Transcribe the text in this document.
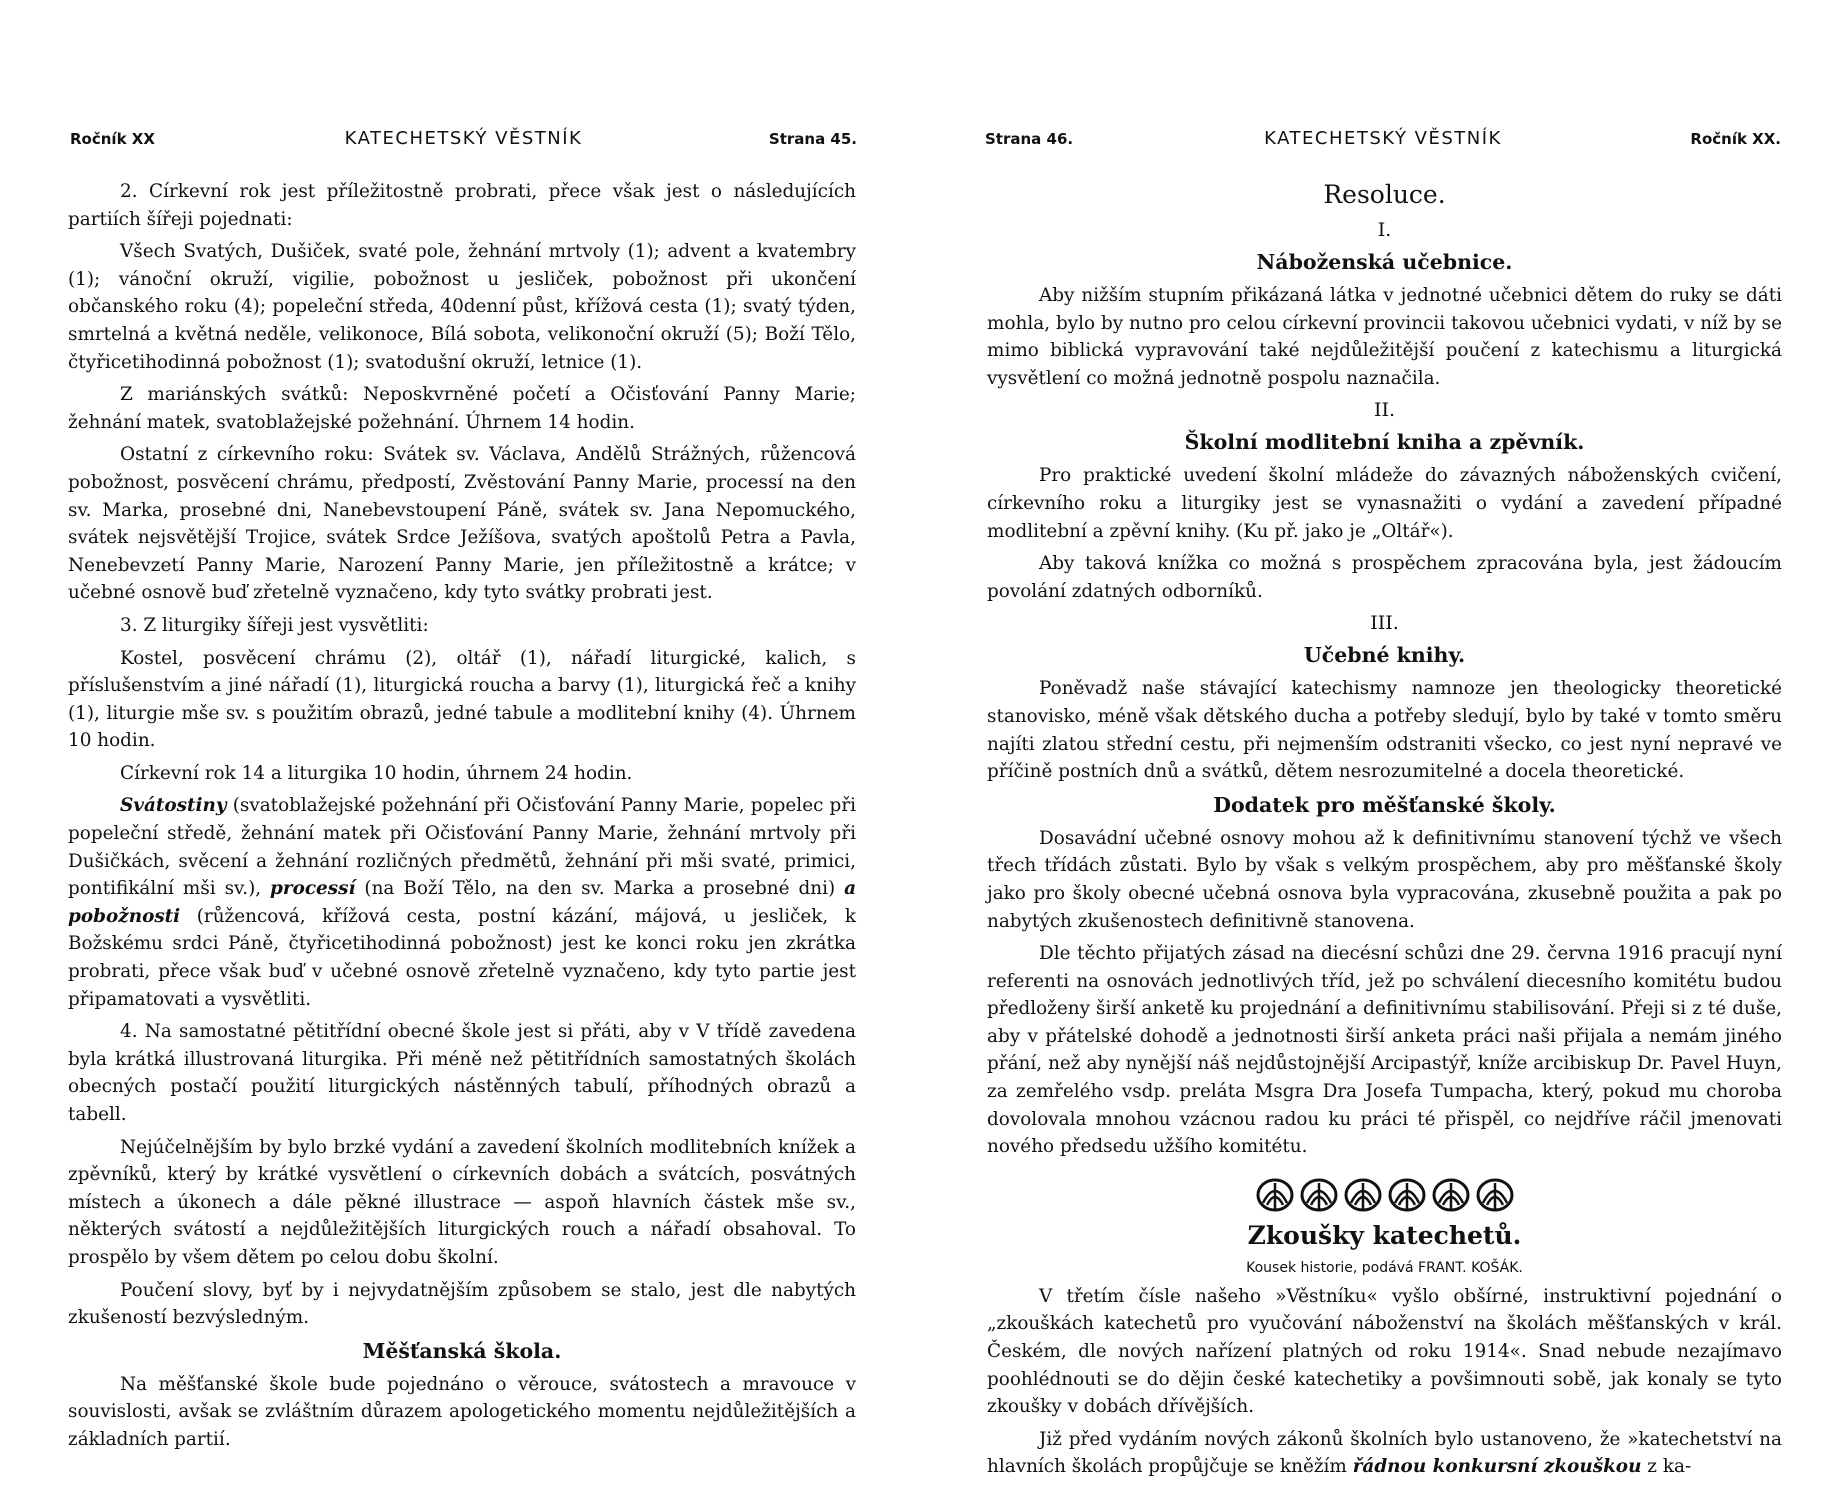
Ročník XX	KATECHETSKÝ VĚSTNÍK	Strana 45.

2. Církevní rok jest příležitostně probrati, přece však jest o následujících partiích šířeji pojednati:

Všech Svatých, Dušiček, svaté pole, žehnání mrtvoly (1); advent a kvatembry (1); vánoční okruží, vigilie, pobožnost u jesliček, pobožnost při ukončení občanského roku (4); popeleční středa, 40denní půst, křížová cesta (1); svatý týden, smrtelná a květná neděle, velikonoce, Bílá sobota, velikonoční okruží (5); Boží Tělo, čtyřicetihodinná pobožnost (1); svatodušní okruží, letnice (1).

Z mariánských svátků: Neposkvrněné početí a Očisťování Panny Marie; žehnání matek, svatoblažejské požehnání. Úhrnem 14 hodin.

Ostatní z církevního roku: Svátek sv. Václava, Andělů Strážných, růžencová pobožnost, posvěcení chrámu, předpostí, Zvěstování Panny Marie, processí na den sv. Marka, prosebné dni, Nanebevstoupení Páně, svátek sv. Jana Nepomuckého, svátek nejsvětější Trojice, svátek Srdce Ježíšova, svatých apoštolů Petra a Pavla, Nenebevzetí Panny Marie, Narození Panny Marie, jen příležitostně a krátce; v učebné osnově buď zřetelně vyznačeno, kdy tyto svátky probrati jest.

3. Z liturgiky šířeji jest vysvětliti:

Kostel, posvěcení chrámu (2), oltář (1), nářadí liturgické, kalich, s příslušenstvím a jiné nářadí (1), liturgická roucha a barvy (1), liturgická řeč a knihy (1), liturgie mše sv. s použitím obrazů, jedné tabule a modlitební knihy (4). Úhrnem 10 hodin.

Církevní rok 14 a liturgika 10 hodin, úhrnem 24 hodin.

Svátostiny (svatoblažejské požehnání při Očisťování Panny Marie, popelec při popeleční středě, žehnání matek při Očisťování Panny Marie, žehnání mrtvoly při Dušičkách, svěcení a žehnání rozličných předmětů, žehnání při mši svaté, primici, pontifikální mši sv.), processí (na Boží Tělo, na den sv. Marka a prosebné dni) a pobožnosti (růžencová, křížová cesta, postní kázání, májová, u jesliček, k Božskému srdci Páně, čtyřicetihodinná pobožnost) jest ke konci roku jen zkrátka probrati, přece však buď v učebné osnově zřetelně vyznačeno, kdy tyto partie jest připamatovati a vysvětliti.

4. Na samostatné pětitřídní obecné škole jest si přáti, aby v V třídě zavedena byla krátká illustrovaná liturgika. Při méně než pětitřídních samostatných školách obecných postačí použití liturgických nástěnných tabulí, příhodných obrazů a tabell.

Nejúčelnějším by bylo brzké vydání a zavedení školních modlitebních knížek a zpěvníků, který by krátké vysvětlení o církevních dobách a svátcích, posvátných místech a úkonech a dále pěkné illustrace — aspoň hlavních částek mše sv., některých svátostí a nejdůležitějších liturgických rouch a nářadí obsahoval. To prospělo by všem dětem po celou dobu školní.

Poučení slovy, byť by i nejvydatnějším způsobem se stalo, jest dle nabytých zkušeností bezvýsledným.

Měšťanská škola.

Na měšťanské škole bude pojednáno o věrouce, svátostech a mravouce v souvislosti, avšak se zvláštním důrazem apologetického momentu nejdůležitějších a základních partií.

Strana 46.	KATECHETSKÝ VĚSTNÍK	Ročník XX.

Resoluce.

I.

Náboženská učebnice.

Aby nižším stupním přikázaná látka v jednotné učebnici dětem do ruky se dáti mohla, bylo by nutno pro celou církevní provincii takovou učebnici vydati, v níž by se mimo biblická vypravování také nejdůležitější poučení z katechismu a liturgická vysvětlení co možná jednotně pospolu naznačila.

II.

Školní modlitební kniha a zpěvník.

Pro praktické uvedení školní mládeže do závazných náboženských cvičení, církevního roku a liturgiky jest se vynasnažiti o vydání a zavedení případné modlitební a zpěvní knihy. (Ku př. jako je „Oltář«).

Aby taková knížka co možná s prospěchem zpracována byla, jest žádoucím povolání zdatných odborníků.

III.

Učebné knihy.

Poněvadž naše stávající katechismy namnoze jen theologicky theoretické stanovisko, méně však dětského ducha a potřeby sledují, bylo by také v tomto směru najíti zlatou střední cestu, při nejmenším odstraniti všecko, co jest nyní nepravé ve příčině postních dnů a svátků, dětem nesrozumitelné a docela theoretické.

Dodatek pro měšťanské školy.

Dosavádní učebné osnovy mohou až k definitivnímu stanovení týchž ve všech třech třídách zůstati. Bylo by však s velkým prospěchem, aby pro měšťanské školy jako pro školy obecné učebná osnova byla vypracována, zkusebně použita a pak po nabytých zkušenostech definitivně stanovena.

Dle těchto přijatých zásad na diecésní schůzi dne 29. června 1916 pracují nyní referenti na osnovách jednotlivých tříd, jež po schválení diecesního komitétu budou předloženy širší anketě ku projednání a definitivnímu stabilisování. Přeji si z té duše, aby v přátelské dohodě a jednotnosti širší anketa práci naši přijala a nemám jiného přání, než aby nynější náš nejdůstojnější Arcipastýř, kníže arcibiskup Dr. Pavel Huyn, za zemřelého vsdp. preláta Msgra Dra Josefa Tumpacha, který, pokud mu choroba dovolovala mnohou vzácnou radou ku práci té přispěl, co nejdříve ráčil jmenovati nového předsedu užšího komitétu.

Zkoušky katechetů.

Kousek historie, podává FRANT. KOŠÁK.

V třetím čísle našeho »Věstníku« vyšlo obšírné, instruktivní pojednání o „zkouškách katechetů pro vyučování náboženství na školách měšťanských v král. Českém, dle nových nařízení platných od roku 1914«. Snad nebude nezajímavo poohlédnouti se do dějin české katechetiky a povšimnouti sobě, jak konaly se tyto zkoušky v dobách dřívějších.

Již před vydáním nových zákonů školních bylo ustanoveno, že »katechetství na hlavních školách propůjčuje se kněžím řádnou konkursní zkouškou z ka-
